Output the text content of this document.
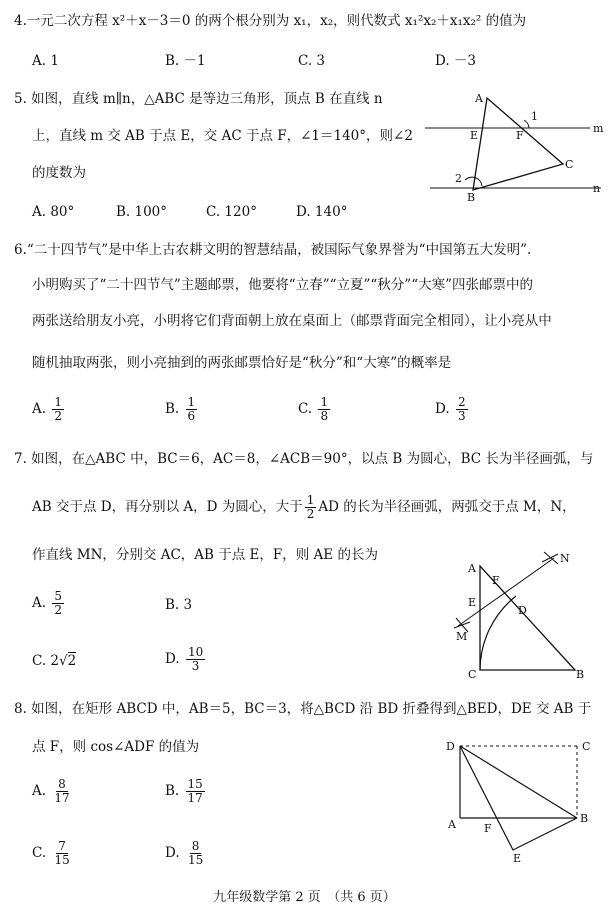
4.一元二次方程 x²＋x－3＝0 的两个根分别为 x₁，x₂，则代数式 x₁²x₂＋x₁x₂² 的值为
A. 1	B. －1	C. 3	D. －3
5. 如图，直线 m∥n，△ABC 是等边三角形，顶点 B 在直线 n
上，直线 m 交 AB 于点 E，交 AC 于点 F，∠1＝140°，则∠2
的度数为
A. 80°	B. 100°	C. 120°	D. 140°
A
B
C
E	F
m
n
1
2
6.“二十四节气”是中华上古农耕文明的智慧结晶，被国际气象界誉为“中国第五大发明”.
小明购买了“二十四节气”主题邮票，他要将“立春”“立夏”“秋分”“大寒”四张邮票中的
两张送给朋友小亮，小明将它们背面朝上放在桌面上（邮票背面完全相同），让小亮从中
随机抽取两张，则小亮抽到的两张邮票恰好是“秋分”和“大寒”的概率是
A. $\frac{1}{2}$	B. $\frac{1}{6}$	C. $\frac{1}{8}$	D. $\frac{2}{3}$
7. 如图，在△ABC 中，BC＝6，AC＝8，∠ACB＝90°，以点 B 为圆心，BC 长为半径画弧，与
AB 交于点 D，再分别以 A，D 为圆心，大于 $\frac{1}{2}$ AD 的长为半径画弧，两弧交于点 M，N，
作直线 MN，分别交 AC，AB 于点 E，F，则 AE 的长为
A. $\frac{5}{2}$	B. 3
C. 2√2	D. $\frac{10}{3}$
A
C	B
D
E
F
M
N
8. 如图，在矩形 ABCD 中，AB＝5，BC＝3，将△BCD 沿 BD 折叠得到△BED，DE 交 AB 于
点 F，则 cos∠ADF 的值为
A. $\frac{8}{17}$	B. $\frac{15}{17}$
C. $\frac{7}{15}$	D. $\frac{8}{15}$
D	C
A	B
F
E
九年级数学第 2 页　（共 6 页）
